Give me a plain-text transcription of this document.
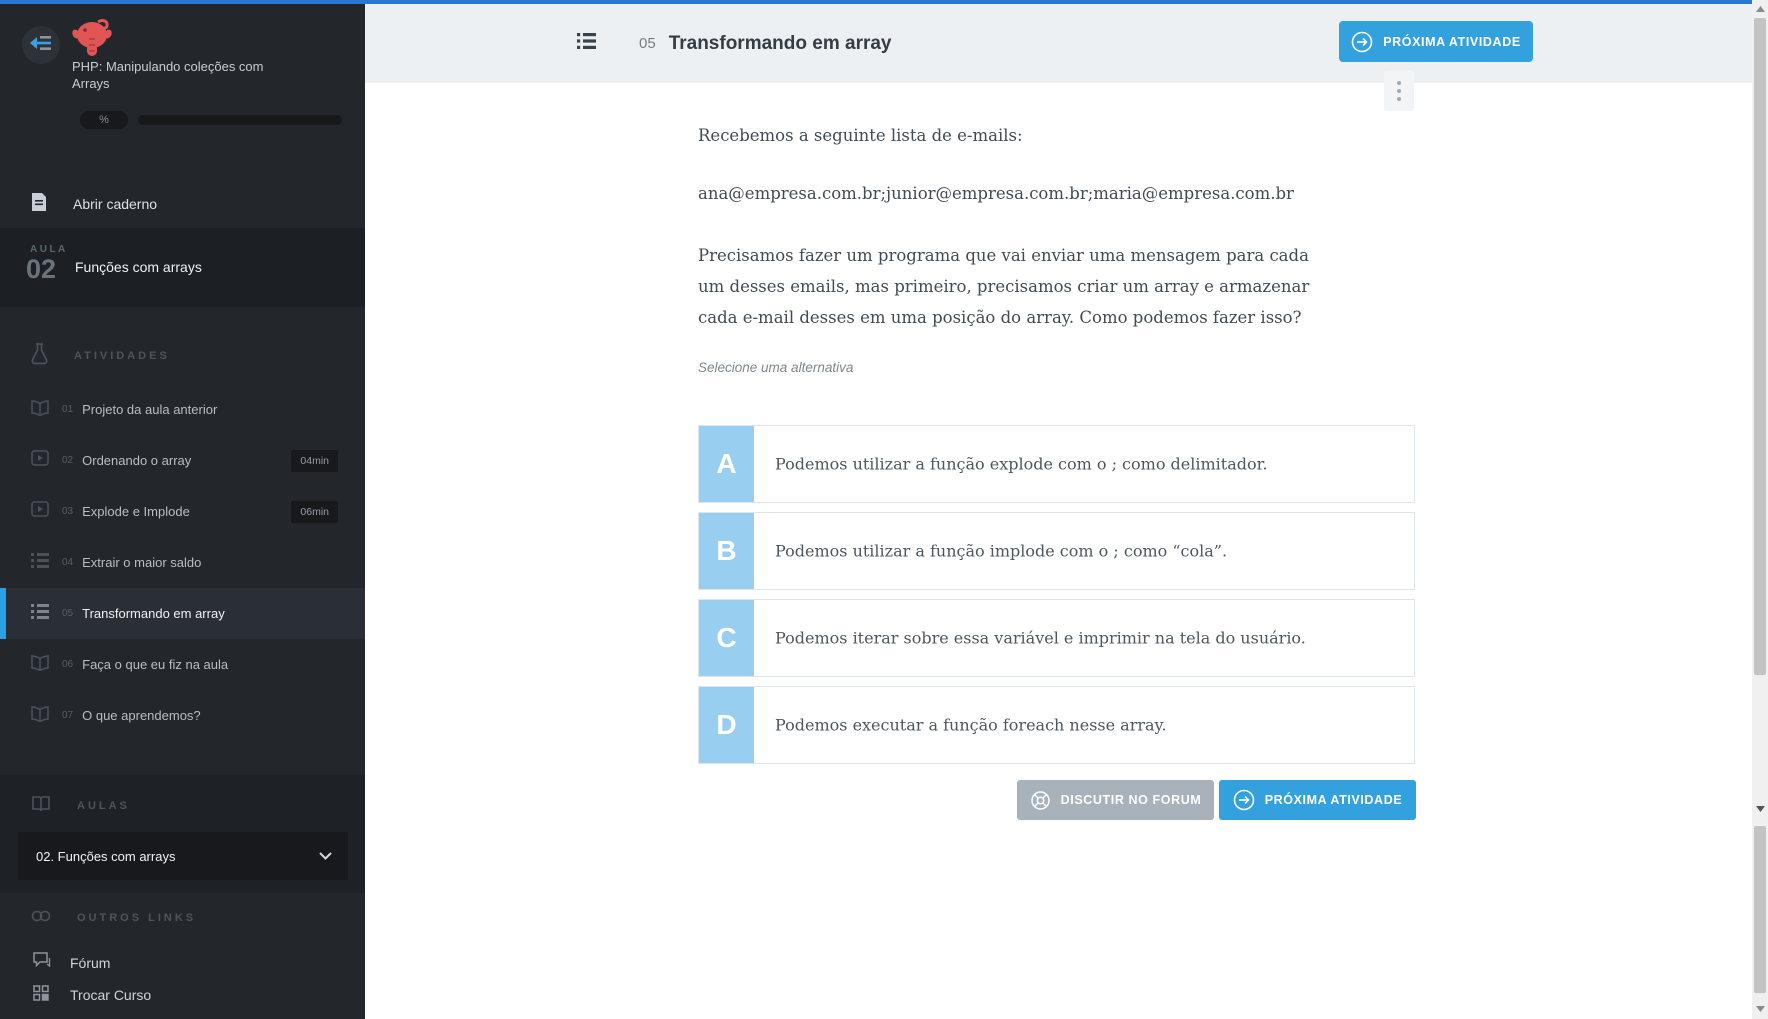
PHP: Manipulando coleções com Arrays
%
Abrir caderno
AULA
02 Funções com arrays
ATIVIDADES
01 Projeto da aula anterior
02 Ordenando o array	04min
03 Explode e Implode	06min
04 Extrair o maior saldo
05 Transformando em array
06 Faça o que eu fiz na aula
07 O que aprendemos?
AULAS
02. Funções com arrays
OUTROS LINKS
Fórum
Trocar Curso
05 Transformando em array	PRÓXIMA ATIVIDADE
Recebemos a seguinte lista de e-mails:
ana@empresa.com.br;junior@empresa.com.br;maria@empresa.com.br
Precisamos fazer um programa que vai enviar uma mensagem para cada um desses emails, mas primeiro, precisamos criar um array e armazenar cada e-mail desses em uma posição do array. Como podemos fazer isso?
Selecione uma alternativa
A	Podemos utilizar a função explode com o ; como delimitador.
B	Podemos utilizar a função implode com o ; como “cola”.
C	Podemos iterar sobre essa variável e imprimir na tela do usuário.
D	Podemos executar a função foreach nesse array.
DISCUTIR NO FORUM	PRÓXIMA ATIVIDADE
